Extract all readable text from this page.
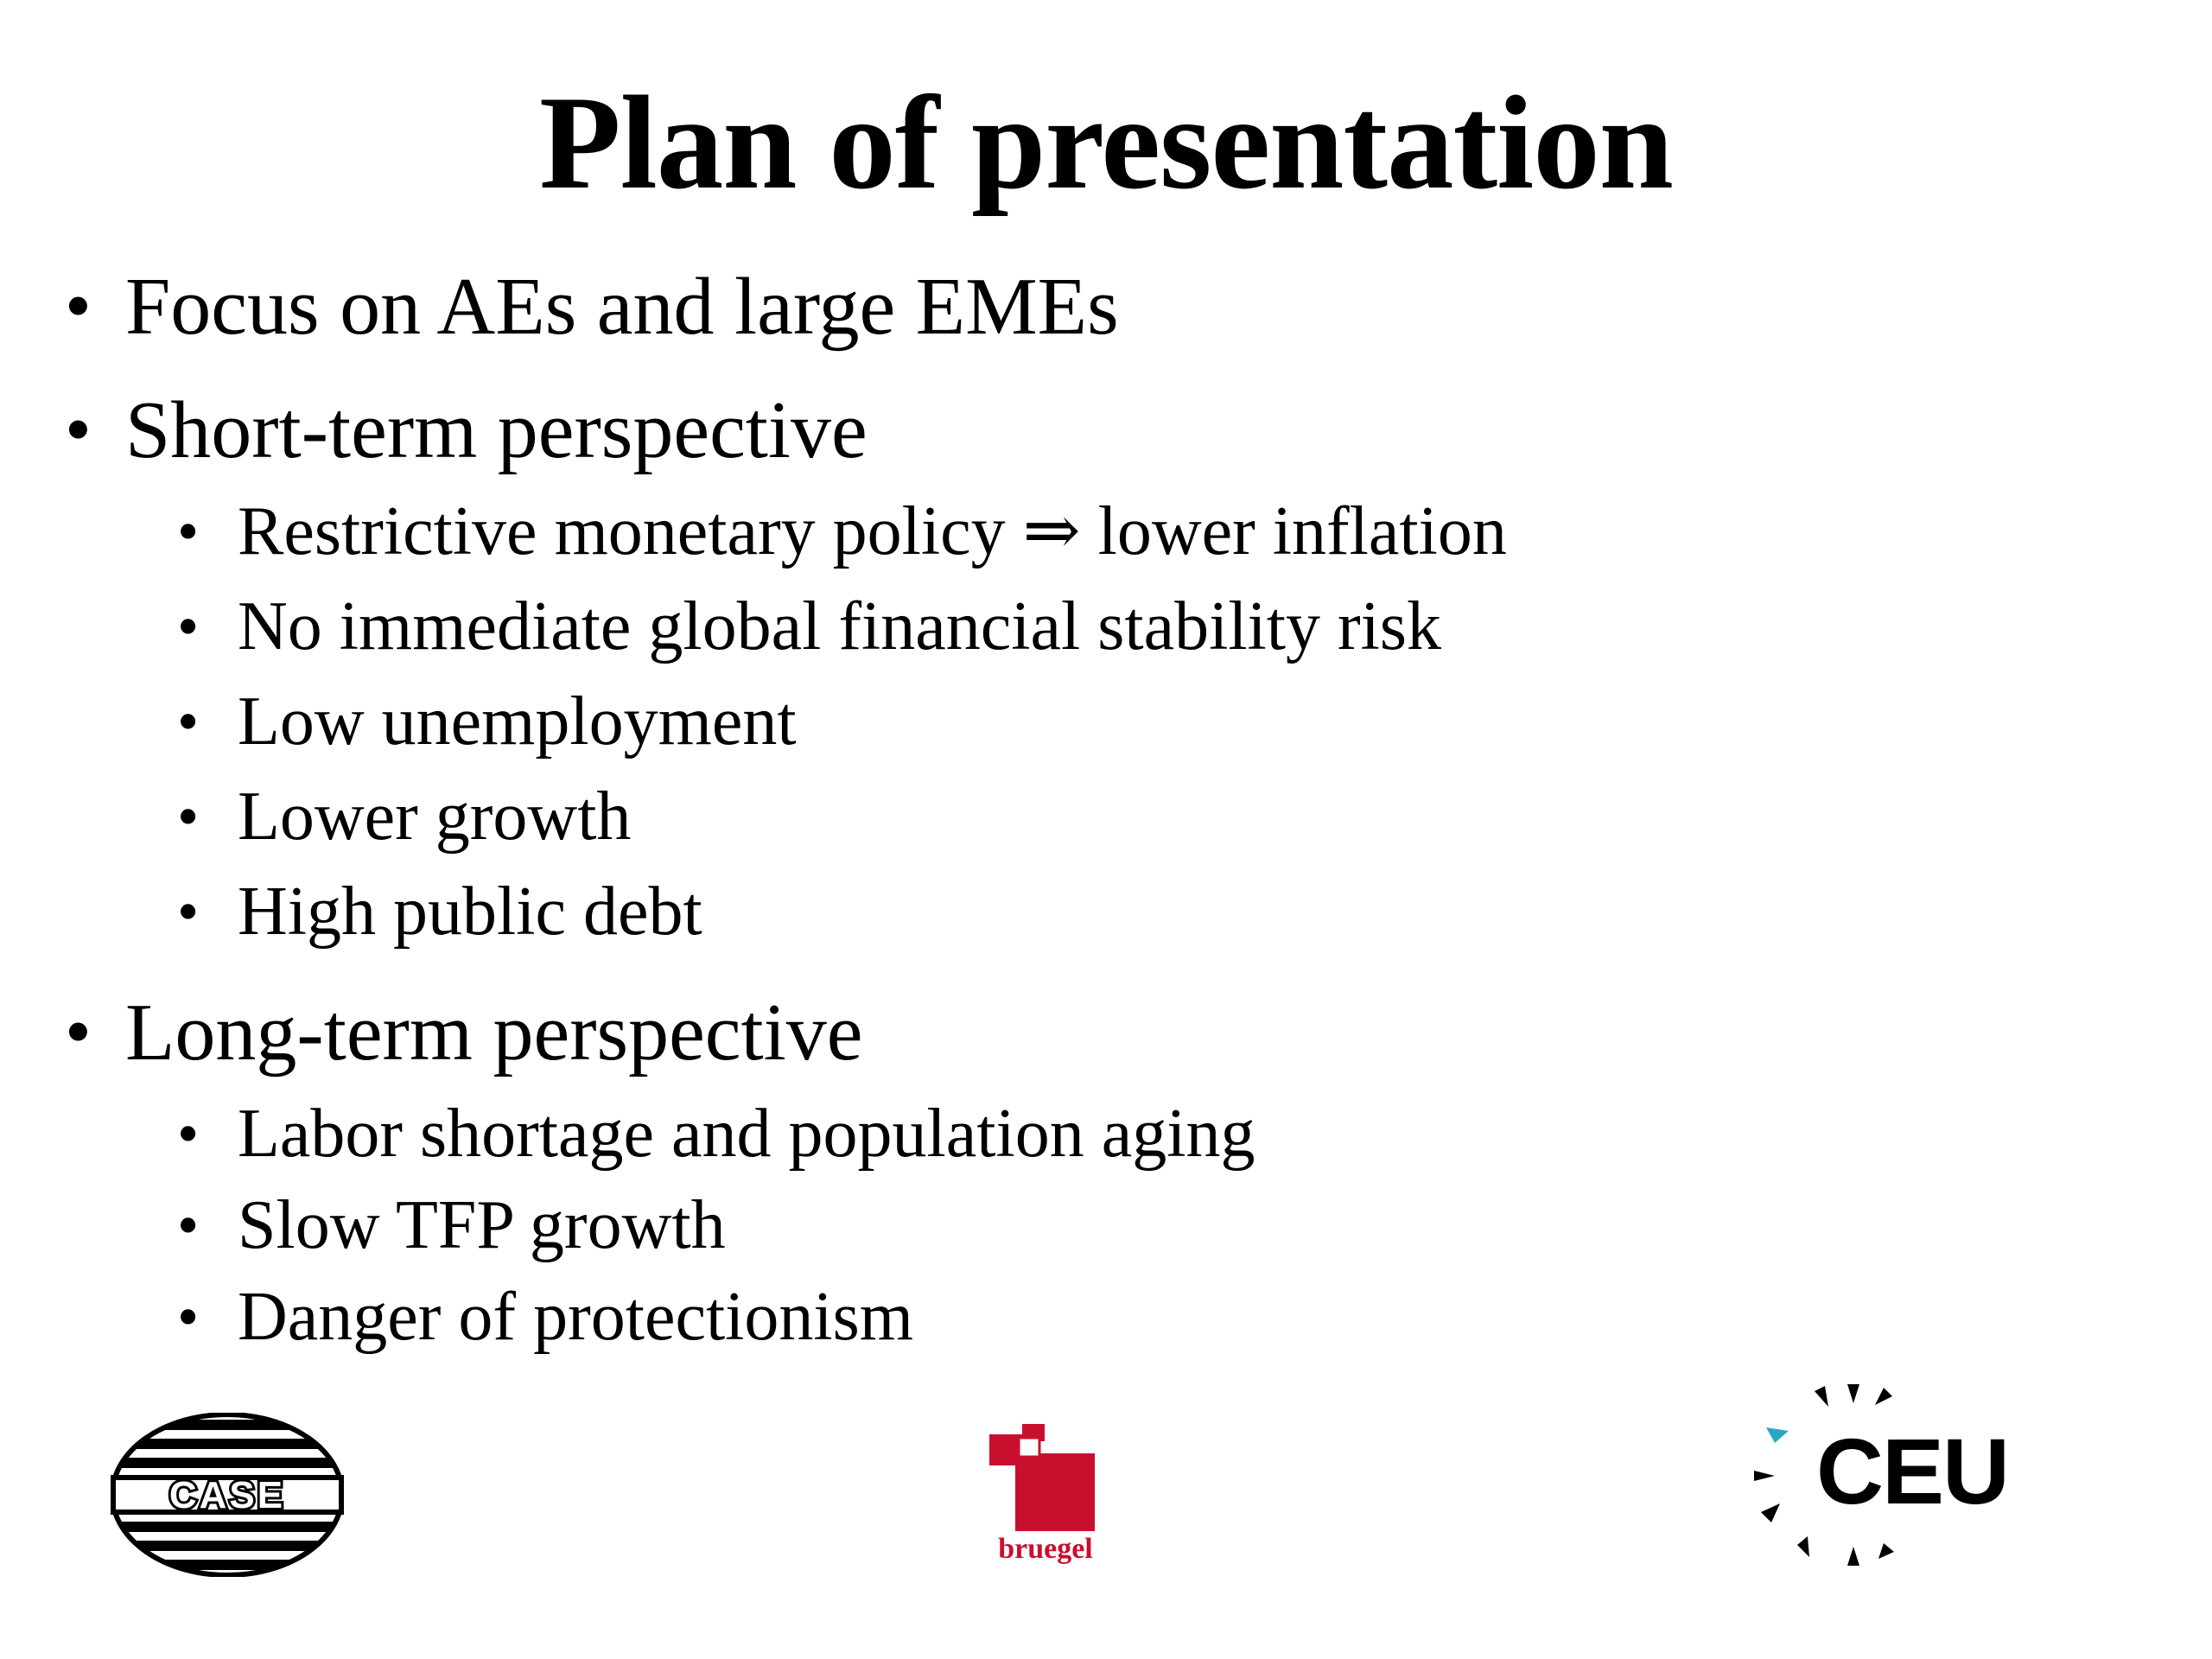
Plan of presentation
• Focus on AEs and large EMEs
• Short-term perspective
• Restrictive monetary policy ⇒ lower inflation
• No immediate global financial stability risk
• Low unemployment
• Lower growth
• High public debt
• Long-term perspective
• Labor shortage and population aging
• Slow TFP growth
• Danger of protectionism
CASE
bruegel
CEU
